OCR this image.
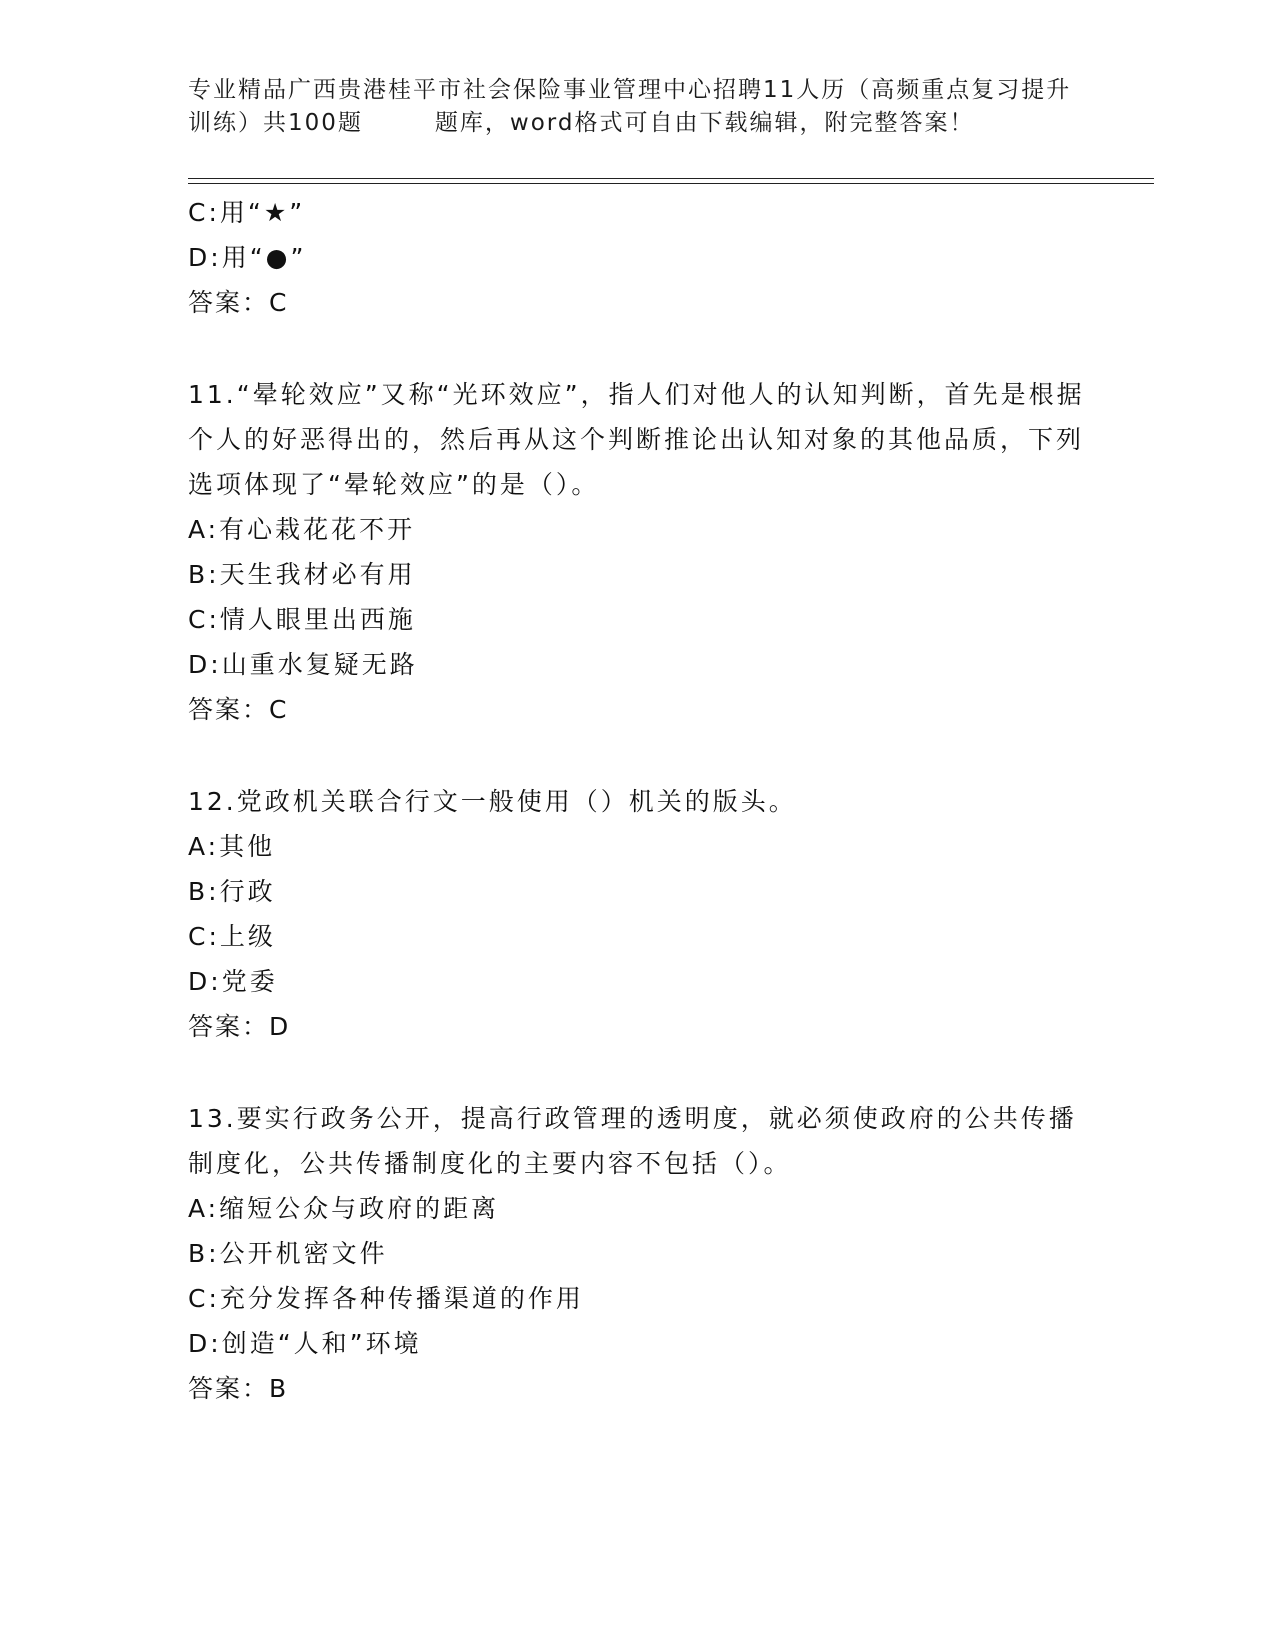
专业精品广西贵港桂平市社会保险事业管理中心招聘11人历（高频重点复习提升
训练）共100题	题库，word格式可自由下载编辑，附完整答案！
C:用“★”
D:用“●”
答案：C
11.“晕轮效应”又称“光环效应”，指人们对他人的认知判断，首先是根据个人的好恶得出的，然后再从这个判断推论出认知对象的其他品质，下列选项体现了“晕轮效应”的是（）。
A:有心栽花花不开
B:天生我材必有用
C:情人眼里出西施
D:山重水复疑无路
答案：C
12.党政机关联合行文一般使用（）机关的版头。
A:其他
B:行政
C:上级
D:党委
答案：D
13.要实行政务公开，提高行政管理的透明度，就必须使政府的公共传播制度化，公共传播制度化的主要内容不包括（）。
A:缩短公众与政府的距离
B:公开机密文件
C:充分发挥各种传播渠道的作用
D:创造“人和”环境
答案：B
